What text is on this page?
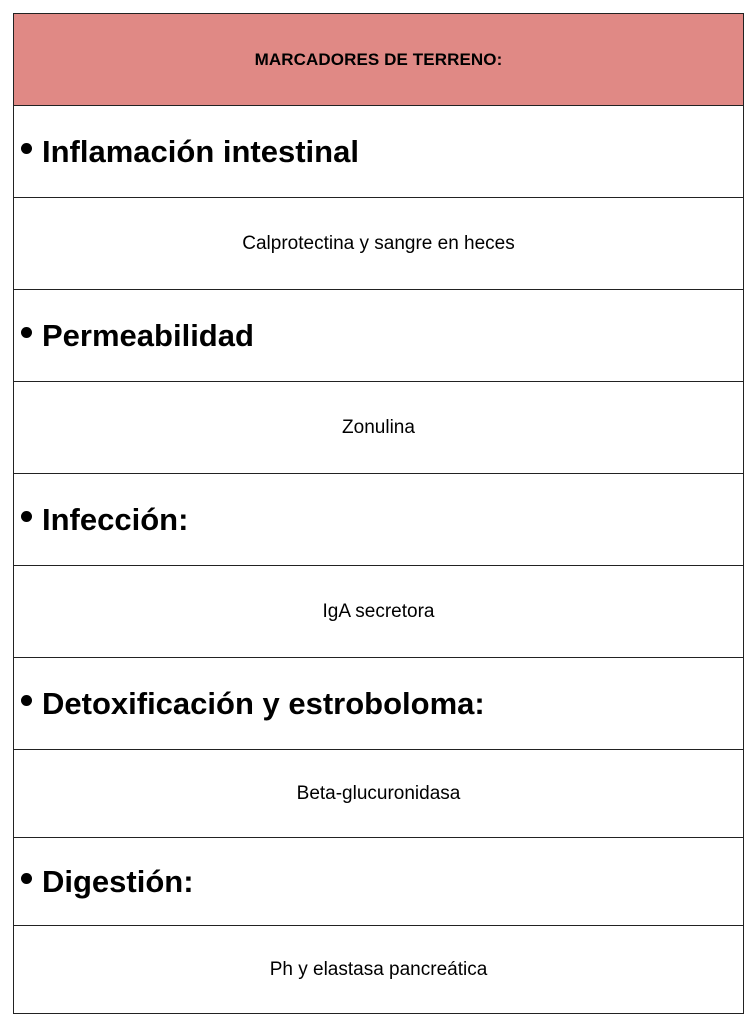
MARCADORES DE TERRENO:
Inflamación intestinal
Calprotectina y sangre en heces
Permeabilidad
Zonulina
Infección:
IgA secretora
Detoxificación y estroboloma:
Beta-glucuronidasa
Digestión:
Ph y elastasa pancreática
